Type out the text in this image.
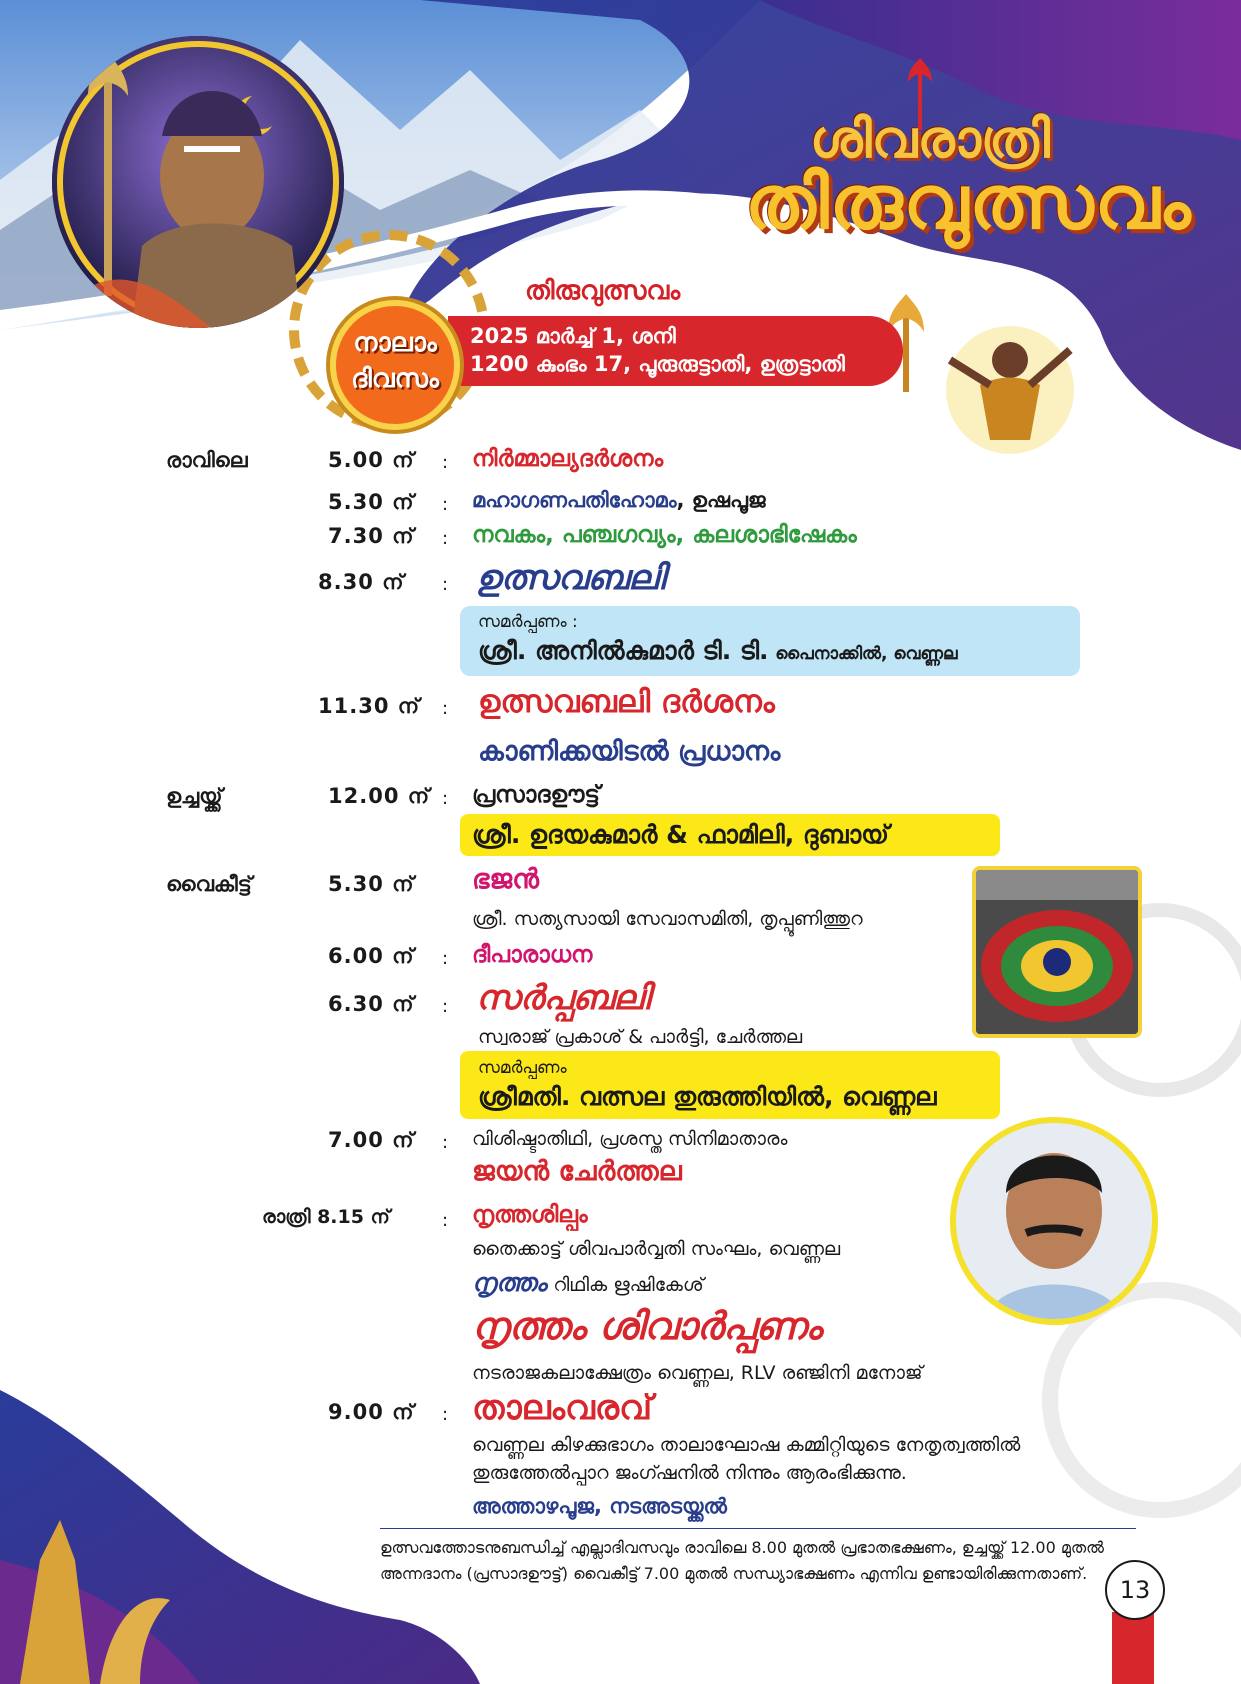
ശിവരാത്രി
തിരുവുത്സവം
തിരുവുത്സവം
2025 മാർച്ച് 1, ശനി
1200 കുംഭം 17, പൂരുരുട്ടാതി, ഉത്രട്ടാതി
നാലാം
ദിവസം
രാവിലെ	5.00 ന് : നിർമ്മാല്യദർശനം
5.30 ന് : മഹാഗണപതിഹോമം, ഉഷപൂജ
7.30 ന് : നവകം, പഞ്ചഗവ്യം, കലശാഭിഷേകം
8.30 ന് : ഉത്സവബലി
സമർപ്പണം :
ശ്രീ. അനിൽകുമാർ ടി. ടി. പൈനാക്കിൽ, വെണ്ണല
11.30 ന് : ഉത്സവബലി ദർശനം
കാണിക്കയിടൽ പ്രധാനം
ഉച്ചയ്ക്ക്	12.00 ന് : പ്രസാദഊട്ട്
ശ്രീ. ഉദയകുമാർ & ഫാമിലി, ദുബായ്
വൈകീട്ട്	5.30 ന് ഭജൻ
ശ്രീ. സത്യസായി സേവാസമിതി, തൃപ്പൂണിത്തുറ
6.00 ന് : ദീപാരാധന
6.30 ന് : സർപ്പബലി
സ്വരാജ് പ്രകാശ് & പാർട്ടി, ചേർത്തല
സമർപ്പണം
ശ്രീമതി. വത്സല തുരുത്തിയിൽ, വെണ്ണല
7.00 ന് : വിശിഷ്ടാതിഥി, പ്രശസ്ത സിനിമാതാരം
ജയൻ ചേർത്തല
രാത്രി 8.15 ന്	: നൃത്തശില്പം
തൈക്കാട്ട് ശിവപാർവ്വതി സംഘം, വെണ്ണല
നൃത്തം റിഥിക ഋഷികേശ്
നൃത്തം ശിവാർപ്പണം
നടരാജകലാക്ഷേത്രം വെണ്ണല, RLV രഞ്ജിനി മനോജ്
9.00 ന് : താലംവരവ്
വെണ്ണല കിഴക്കുഭാഗം താലാഘോഷ കമ്മിറ്റിയുടെ നേതൃത്വത്തിൽ
തുരുത്തേൽപ്പാറ ജംഗ്ഷനിൽ നിന്നും ആരംഭിക്കുന്നു.
അത്താഴപൂജ, നടഅടയ്ക്കൽ
ഉത്സവത്തോടനുബന്ധിച്ച് എല്ലാദിവസവും രാവിലെ 8.00 മുതൽ പ്രഭാതഭക്ഷണം, ഉച്ചയ്ക്ക് 12.00 മുതൽ
അന്നദാനം (പ്രസാദഊട്ട്) വൈകീട്ട് 7.00 മുതൽ സന്ധ്യാഭക്ഷണം എന്നിവ ഉണ്ടായിരിക്കുന്നതാണ്.
13
